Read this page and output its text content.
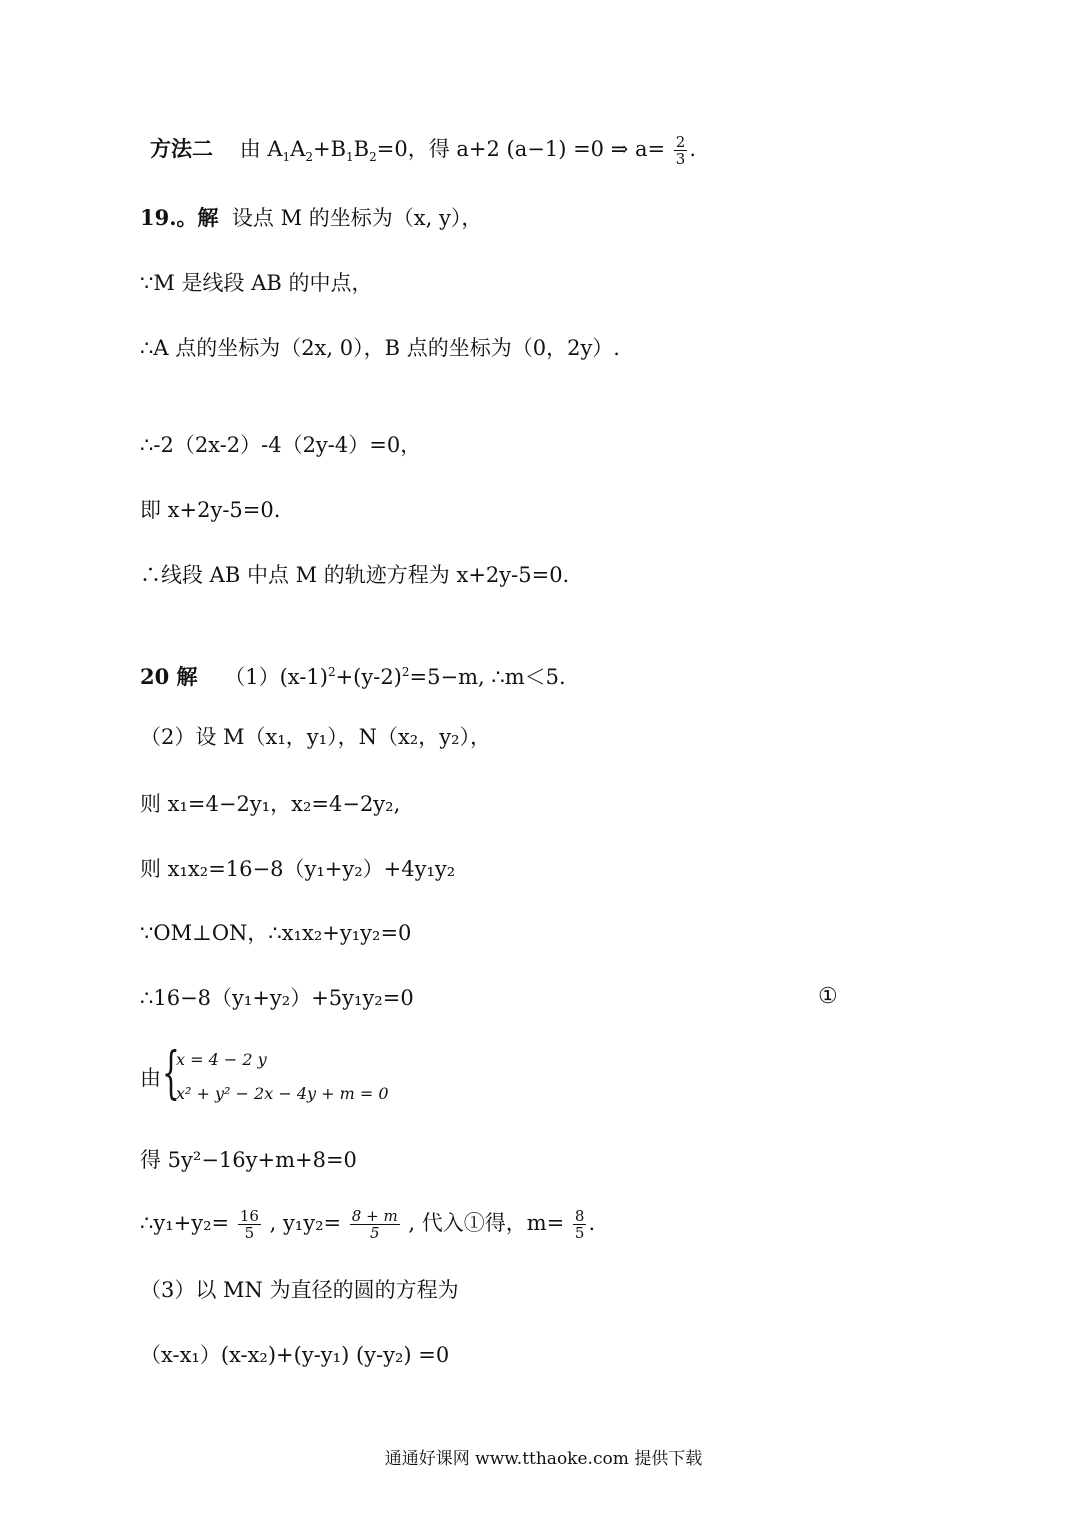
方法二 由 $A_1A_2+B_1B_2=0$，得 a+2 (a−1) =0 ⇒ $a= \frac{2}{3}$ .
19.。解 设点 M 的坐标为（x, y），
∵M 是线段 AB 的中点，
∴A 点的坐标为（2x, 0），B 点的坐标为（0，2y）.
∴-2（2x-2）-4（2y-4）=0，
即 x+2y-5=0.
∴线段 AB 中点 M 的轨迹方程为 x+2y-5=0.
20 解 $(1)(x-1)^2+(y-2)^2=5-m$, ∴m＜5.
（2）设 M（x₁，y₁），N（x₂，y₂），
则 x₁=4−2y₁，x₂=4−2y₂,
则 x₁x₂=16−8（y₁+y₂）+4y₁y₂
∵OM⊥ON，∴x₁x₂+y₁y₂=0
∴16−8（y₁+y₂）+5y₁y₂=0	①
由 {
x = 4 − 2 y
x² + y² − 2x − 4y + m = 0
得 5y²−16y+m+8=0
∴y₁+y₂= $\frac{16}{5}$ , $y_1y_2= \frac{8 + m}{5}$ , 代入①得，$m= \frac{8}{5}$ .
（3）以 MN 为直径的圆的方程为
（x-x₁）(x-x₂)+(y-y₁) (y-y₂) =0
通通好课网 www.tthaoke.com 提供下载
